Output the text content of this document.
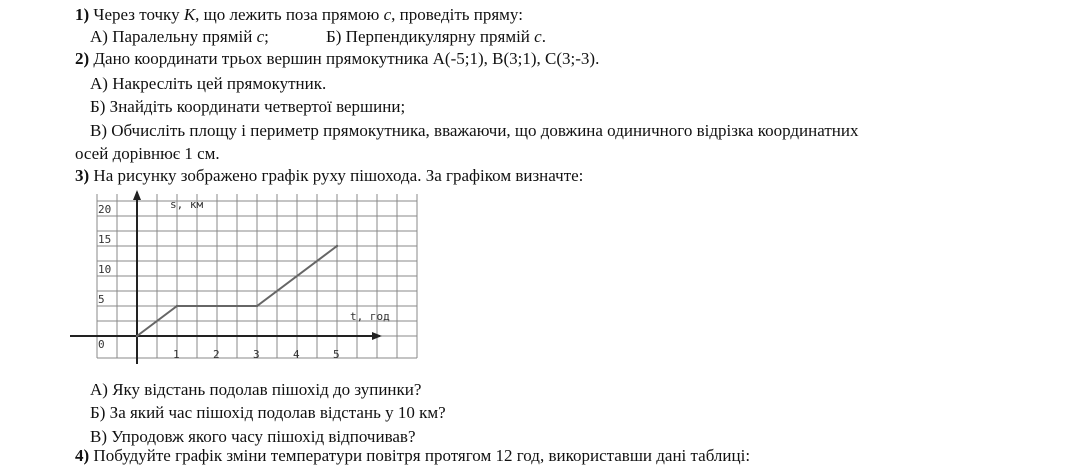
1) Через точку K, що лежить поза прямою c, проведіть пряму:
А) Паралельну прямій c;	Б) Перпендикулярну прямій c.
2) Дано координати трьох вершин прямокутника A(-5;1), B(3;1), C(3;-3).
А) Накресліть цей прямокутник.
Б) Знайдіть координати четвертої вершини;
В) Обчисліть площу і периметр прямокутника, вважаючи, що довжина одиничного відрізка координатних
осей дорівнює 1 см.
3) На рисунку зображено графік руху пішохода. За графіком визначте:
1	2	3	4	5
0
5
10
15
20
t, год
s, км
А) Яку відстань подолав пішохід до зупинки?
Б) За який час пішохід подолав відстань у 10 км?
В) Упродовж якого часу пішохід відпочивав?
4) Побудуйте графік зміни температури повітря протягом 12 год, використавши дані таблиці:
